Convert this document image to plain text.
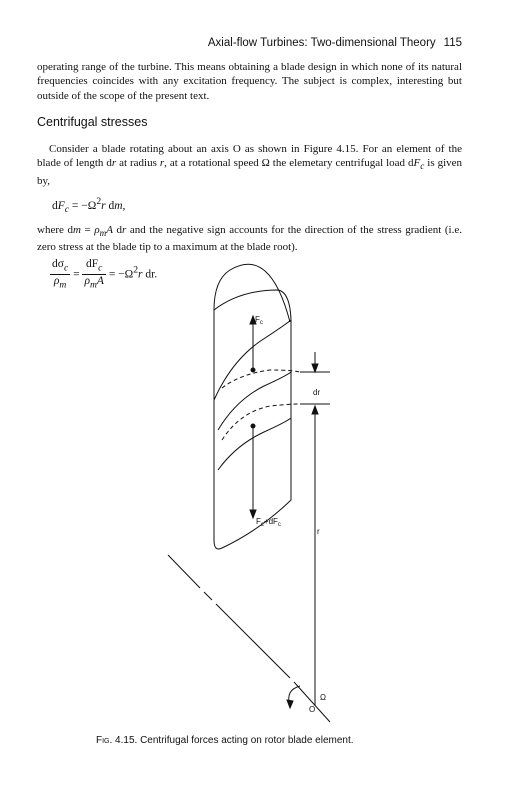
Axial-flow Turbines: Two-dimensional Theory 115
operating range of the turbine. This means obtaining a blade design in which none of its natural frequencies coincides with any excitation frequency. The subject is complex, interesting but outside of the scope of the present text.
Centrifugal stresses
Consider a blade rotating about an axis O as shown in Figure 4.15. For an element of the blade of length dr at radius r, at a rotational speed Ω the elemetary centrifugal load $dF_c$ is given by,
$dF_c = -\Omega^2r$ dm,
where dm = $\rho_mA$ dr and the negative sign accounts for the direction of the stress gradient (i.e. zero stress at the blade tip to a maximum at the blade root).
$\frac{d\sigma_c}{\rho_m} = \frac{dF_c}{\rho_mA} = -\Omega^2r$ dr.
$F_c$
$F_c+dF_c$
dr
r
Ω
O
Fig. 4.15. Centrifugal forces acting on rotor blade element.
